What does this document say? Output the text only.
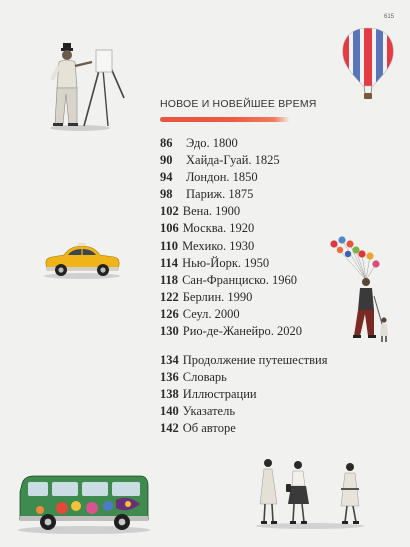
615
НОВОЕ И НОВЕЙШЕЕ ВРЕМЯ
86 Эдо. 1800
90 Хайда-Гуай. 1825
94 Лондон. 1850
98 Париж. 1875
102 Вена. 1900
106 Москва. 1920
110 Мехико. 1930
114 Нью-Йорк. 1950
118 Сан-Франциско. 1960
122 Берлин. 1990
126 Сеул. 2000
130 Рио-де-Жанейро. 2020
134 Продолжение путешествия
136 Словарь
138 Иллюстрации
140 Указатель
142 Об авторе
